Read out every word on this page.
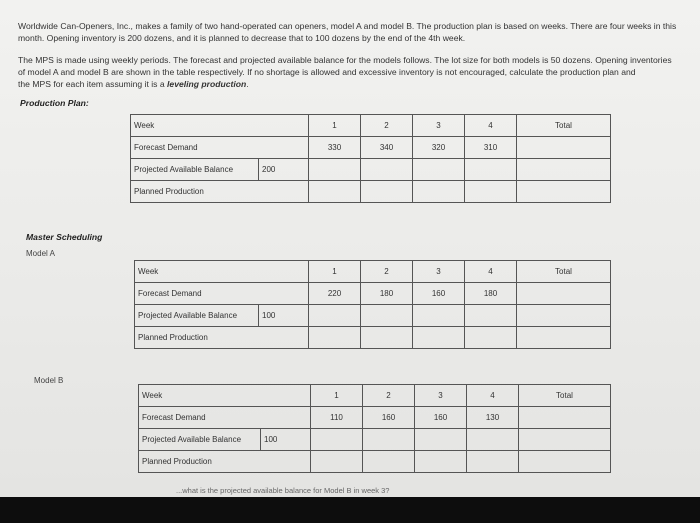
Worldwide Can-Openers, Inc., makes a family of two hand-operated can openers, model A and model B. The production plan is based on weeks. There are four weeks in this
month. Opening inventory is 200 dozens, and it is planned to decrease that to 100 dozens by the end of the 4th week.
The MPS is made using weekly periods. The forecast and projected available balance for the models follows. The lot size for both models is 50 dozens. Opening inventories
of model A and model B are shown in the table respectively. If no shortage is allowed and excessive inventory is not encouraged, calculate the production plan and
the MPS for each item assuming it is a leveling production.
Production Plan:
Week		1	2	3	4	Total
Forecast Demand		330	340	320	310	
Projected Available Balance	200					
Planned Production						
Master Scheduling
Model A
Week		1	2	3	4	Total
Forecast Demand		220	180	160	180	
Projected Available Balance	100					
Planned Production						
Model B
Week		1	2	3	4	Total
Forecast Demand		110	160	160	130	
Projected Available Balance	100					
Planned Production						
...what is the projected available balance for Model B in week 3?
